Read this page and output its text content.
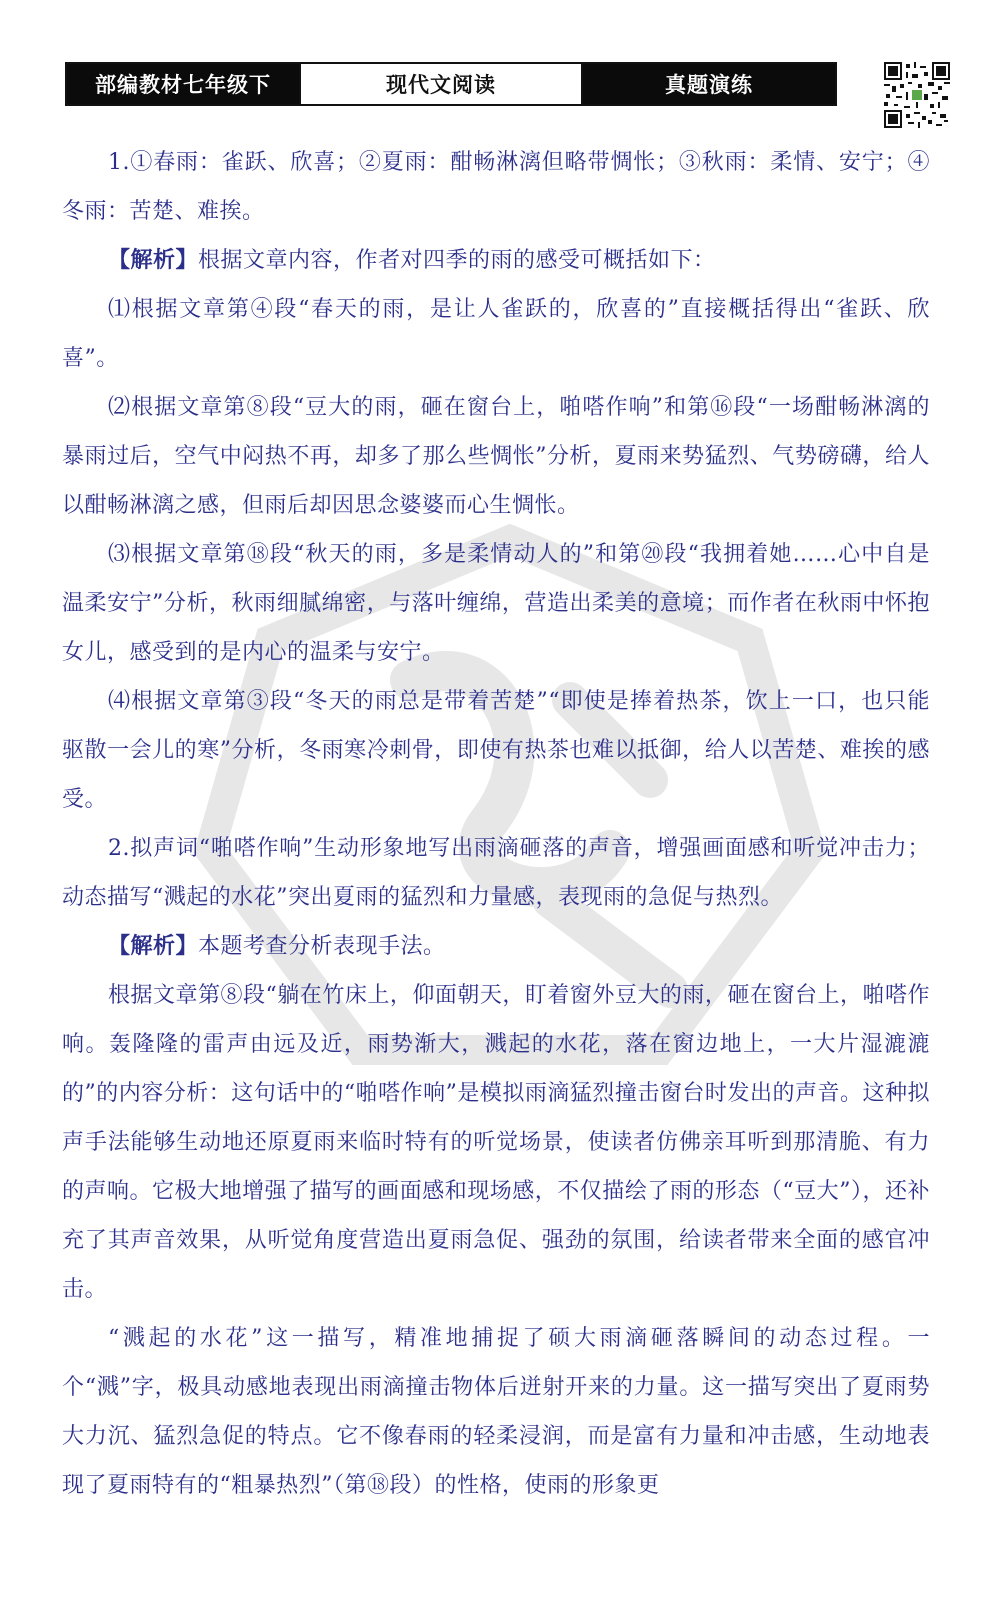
部编教材七年级下	现代文阅读	真题演练

1.①春雨：雀跃、欣喜；②夏雨：酣畅淋漓但略带惆怅；③秋雨：柔情、安宁；④冬雨：苦楚、难挨。

【解析】根据文章内容，作者对四季的雨的感受可概括如下：

⑴根据文章第④段“春天的雨，是让人雀跃的，欣喜的”直接概括得出“雀跃、欣喜”。

⑵根据文章第⑧段“豆大的雨，砸在窗台上，啪嗒作响”和第⑯段“一场酣畅淋漓的暴雨过后，空气中闷热不再，却多了那么些惆怅”分析，夏雨来势猛烈、气势磅礴，给人以酣畅淋漓之感，但雨后却因思念婆婆而心生惆怅。

⑶根据文章第⑱段“秋天的雨，多是柔情动人的”和第⑳段“我拥着她……心中自是温柔安宁”分析，秋雨细腻绵密，与落叶缠绵，营造出柔美的意境；而作者在秋雨中怀抱女儿，感受到的是内心的温柔与安宁。

⑷根据文章第③段“冬天的雨总是带着苦楚”“即使是捧着热茶，饮上一口，也只能驱散一会儿的寒”分析，冬雨寒冷刺骨，即使有热茶也难以抵御，给人以苦楚、难挨的感受。

2.拟声词“啪嗒作响”生动形象地写出雨滴砸落的声音，增强画面感和听觉冲击力；动态描写“溅起的水花”突出夏雨的猛烈和力量感，表现雨的急促与热烈。

【解析】本题考查分析表现手法。

根据文章第⑧段“躺在竹床上，仰面朝天，盯着窗外豆大的雨，砸在窗台上，啪嗒作响。轰隆隆的雷声由远及近，雨势渐大，溅起的水花，落在窗边地上，一大片湿漉漉的”的内容分析：这句话中的“啪嗒作响”是模拟雨滴猛烈撞击窗台时发出的声音。这种拟声手法能够生动地还原夏雨来临时特有的听觉场景，使读者仿佛亲耳听到那清脆、有力的声响。它极大地增强了描写的画面感和现场感，不仅描绘了雨的形态（“豆大”），还补充了其声音效果，从听觉角度营造出夏雨急促、强劲的氛围，给读者带来全面的感官冲击。

“溅起的水花”这一描写，精准地捕捉了硕大雨滴砸落瞬间的动态过程。一个“溅”字，极具动感地表现出雨滴撞击物体后迸射开来的力量。这一描写突出了夏雨势大力沉、猛烈急促的特点。它不像春雨的轻柔浸润，而是富有力量和冲击感，生动地表现了夏雨特有的“粗暴热烈”（第⑱段）的性格，使雨的形象更
